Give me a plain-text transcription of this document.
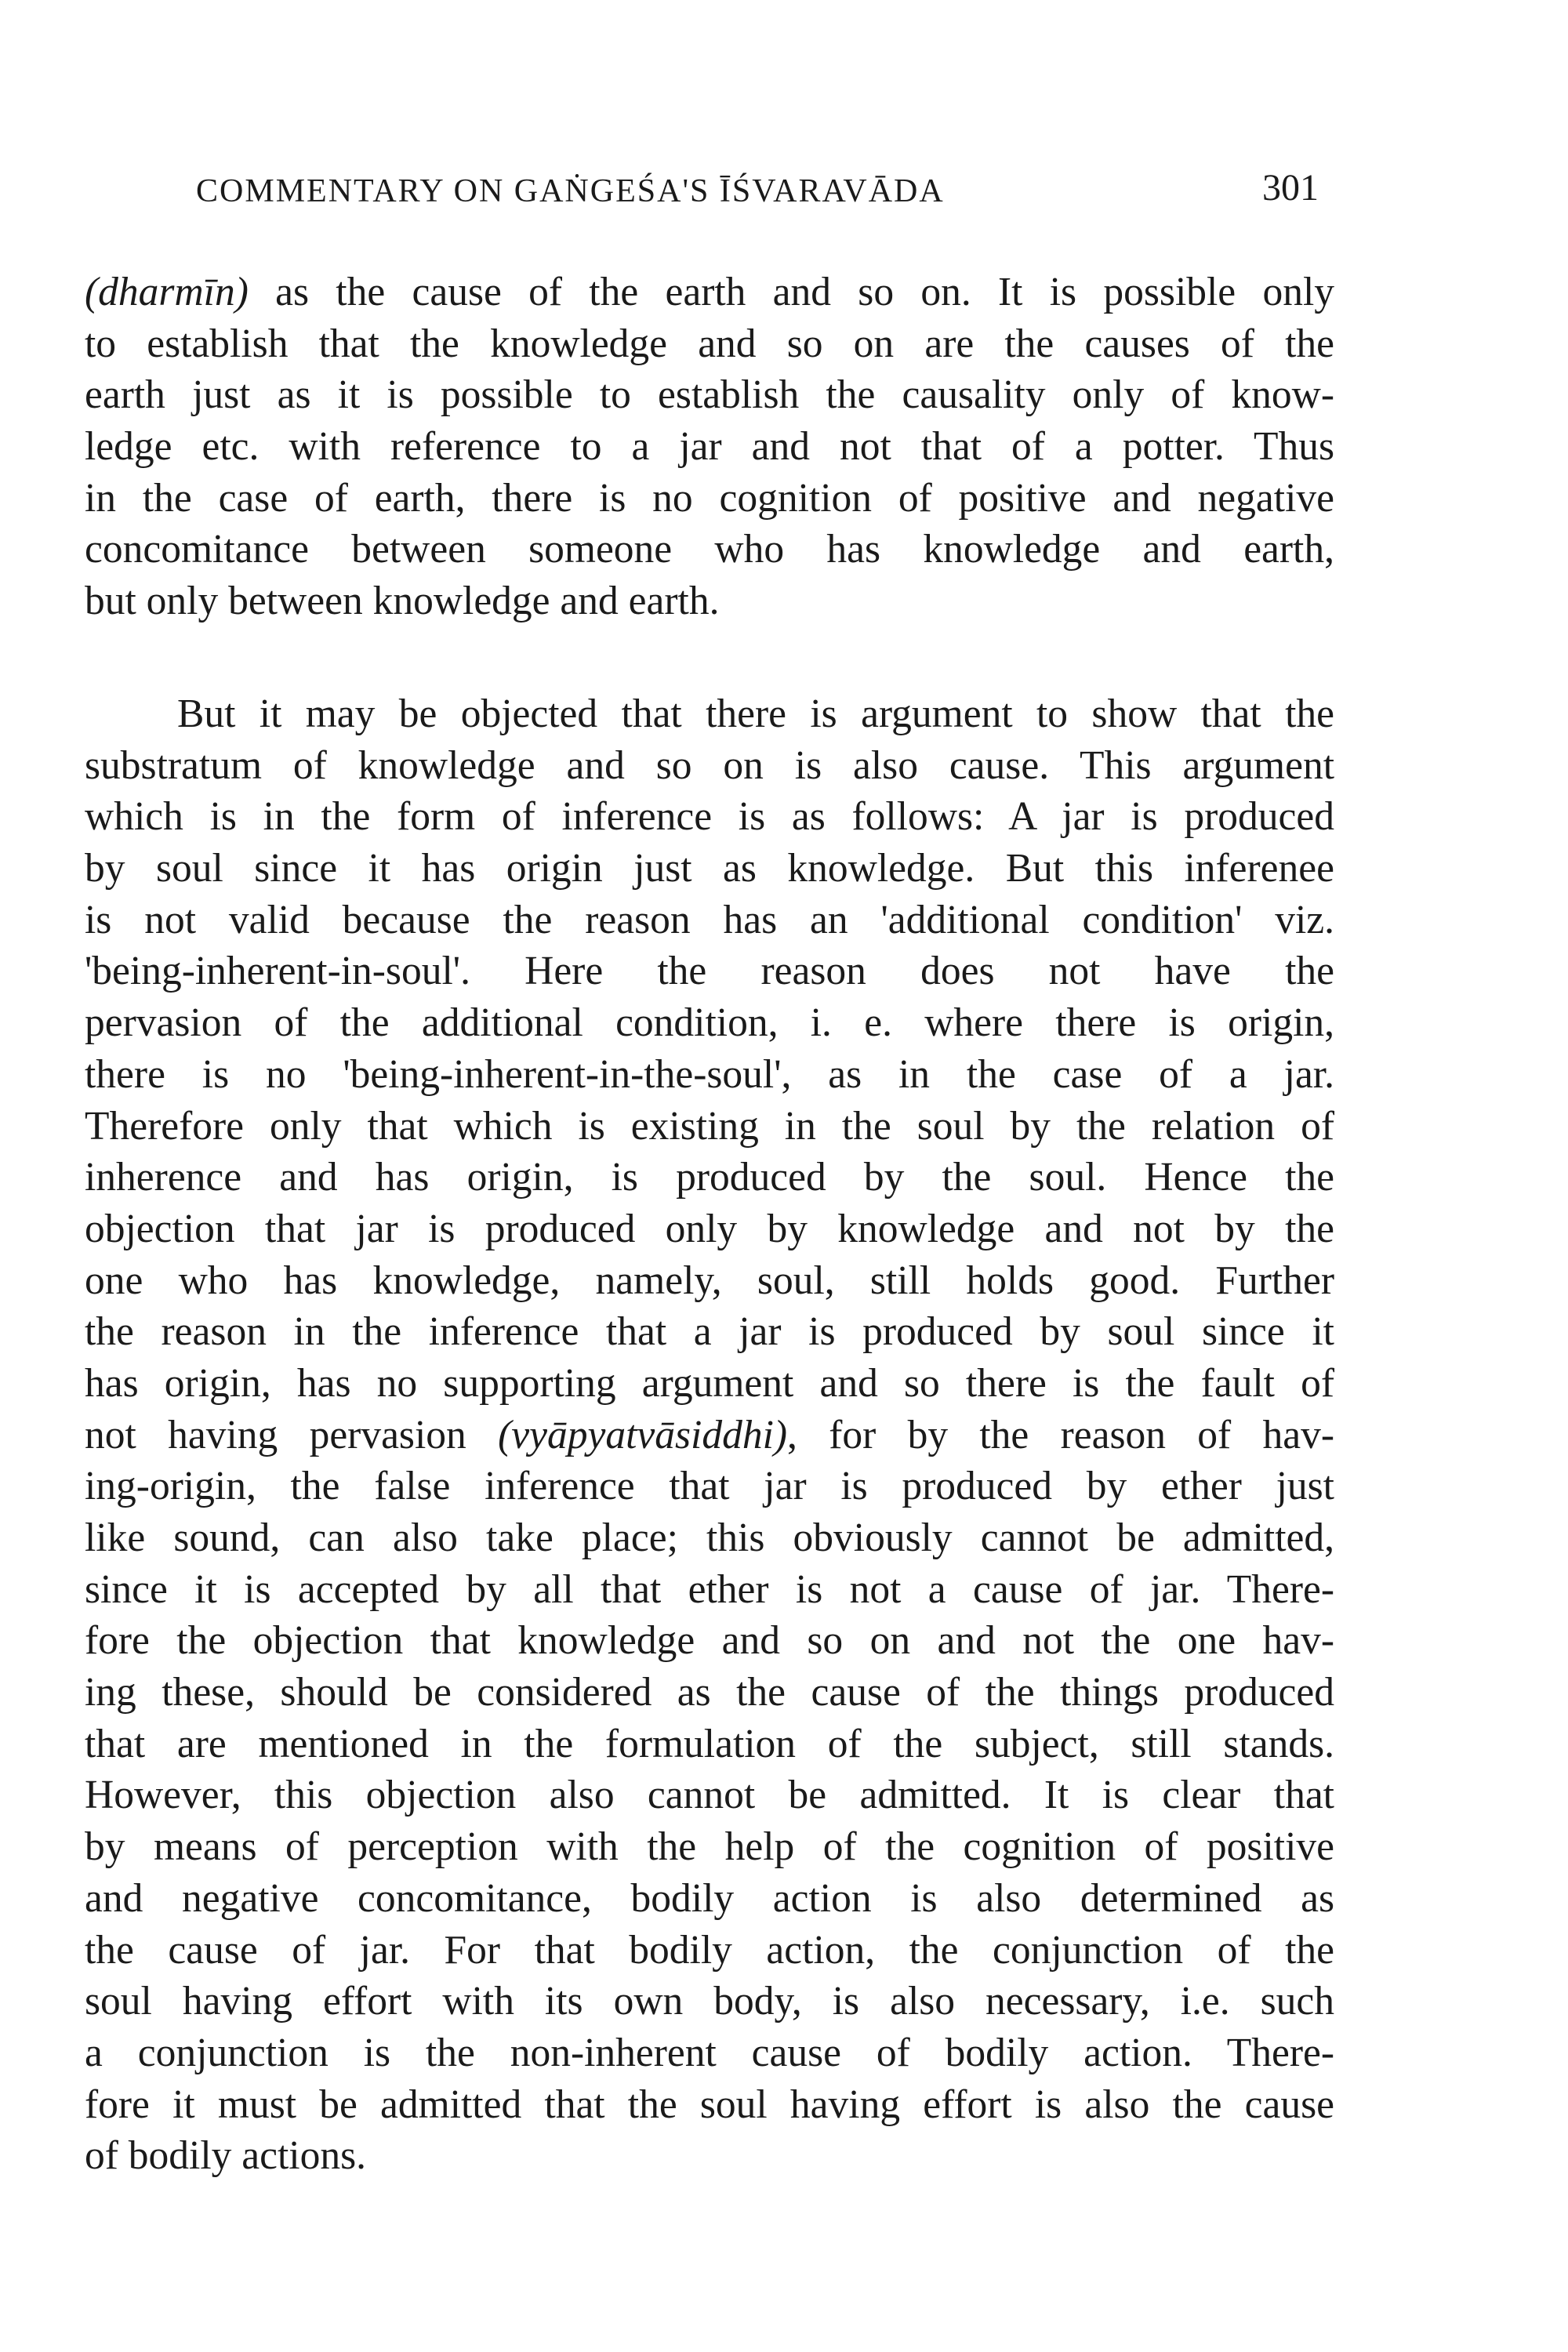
COMMENTARY ON GAṄGEŚA'S ĪŚVARAVĀDA	301
(dharmīn) as the cause of the earth and so on. It is possible only
to establish that the knowledge and so on are the causes of the
earth just as it is possible to establish the causality only of know-
ledge etc. with reference to a jar and not that of a potter. Thus
in the case of earth, there is no cognition of positive and negative
concomitance between someone who has knowledge and earth,
but only between knowledge and earth.
But it may be objected that there is argument to show that the
substratum of knowledge and so on is also cause. This argument
which is in the form of inference is as follows: A jar is produced
by soul since it has origin just as knowledge. But this inferenee
is not valid because the reason has an 'additional condition' viz.
'being-inherent-in-soul'. Here the reason does not have the
pervasion of the additional condition, i. e. where there is origin,
there is no 'being-inherent-in-the-soul', as in the case of a jar.
Therefore only that which is existing in the soul by the relation of
inherence and has origin, is produced by the soul. Hence the
objection that jar is produced only by knowledge and not by the
one who has knowledge, namely, soul, still holds good. Further
the reason in the inference that a jar is produced by soul since it
has origin, has no supporting argument and so there is the fault of
not having pervasion (vyāpyatvāsiddhi), for by the reason of hav-
ing-origin, the false inference that jar is produced by ether just
like sound, can also take place; this obviously cannot be admitted,
since it is accepted by all that ether is not a cause of jar. There-
fore the objection that knowledge and so on and not the one hav-
ing these, should be considered as the cause of the things produced
that are mentioned in the formulation of the subject, still stands.
However, this objection also cannot be admitted. It is clear that
by means of perception with the help of the cognition of positive
and negative concomitance, bodily action is also determined as
the cause of jar. For that bodily action, the conjunction of the
soul having effort with its own body, is also necessary, i.e. such
a conjunction is the non-inherent cause of bodily action. There-
fore it must be admitted that the soul having effort is also the cause
of bodily actions.
